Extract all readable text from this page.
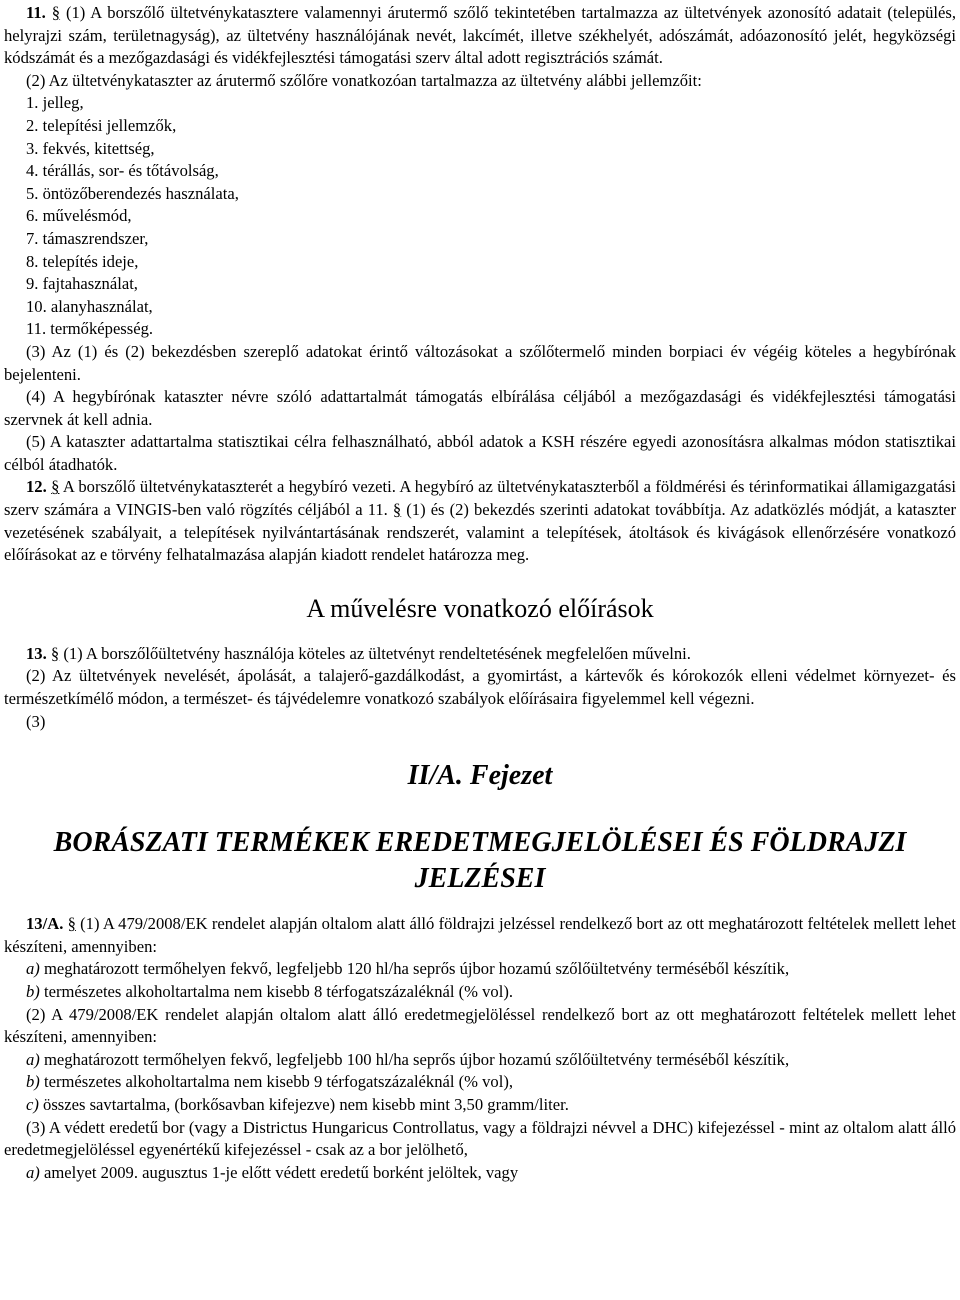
11. § (1) A borszőlő ültetvénykatasztere valamennyi árutermő szőlő tekintetében tartalmazza az ültetvények azonosító adatait (település, helyrajzi szám, területnagyság), az ültetvény használójának nevét, lakcímét, illetve székhelyét, adószámát, adóazonosító jelét, hegyközségi kódszámát és a mezőgazdasági és vidékfejlesztési támogatási szerv által adott regisztrációs számát.

(2) Az ültetvénykataszter az árutermő szőlőre vonatkozóan tartalmazza az ültetvény alábbi jellemzőit:

1. jelleg,

2. telepítési jellemzők,

3. fekvés, kitettség,

4. térállás, sor- és tőtávolság,

5. öntözőberendezés használata,

6. művelésmód,

7. támaszrendszer,

8. telepítés ideje,

9. fajtahasználat,

10. alanyhasználat,

11. termőképesség.

(3) Az (1) és (2) bekezdésben szereplő adatokat érintő változásokat a szőlőtermelő minden borpiaci év végéig köteles a hegybírónak bejelenteni.

(4) A hegybírónak kataszter névre szóló adattartalmát támogatás elbírálása céljából a mezőgazdasági és vidékfejlesztési támogatási szervnek át kell adnia.

(5) A kataszter adattartalma statisztikai célra felhasználható, abból adatok a KSH részére egyedi azonosításra alkalmas módon statisztikai célból átadhatók.

12. § A borszőlő ültetvénykataszterét a hegybíró vezeti. A hegybíró az ültetvénykataszterből a földmérési és térinformatikai államigazgatási szerv számára a VINGIS-ben való rögzítés céljából a 11. § (1) és (2) bekezdés szerinti adatokat továbbítja. Az adatközlés módját, a kataszter vezetésének szabályait, a telepítések nyilvántartásának rendszerét, valamint a telepítések, átoltások és kivágások ellenőrzésére vonatkozó előírásokat az e törvény felhatalmazása alapján kiadott rendelet határozza meg.

A művelésre vonatkozó előírások

13. § (1) A borszőlőültetvény használója köteles az ültetvényt rendeltetésének megfelelően művelni.

(2) Az ültetvények nevelését, ápolását, a talajerő-gazdálkodást, a gyomirtást, a kártevők és kórokozók elleni védelmet környezet- és természetkímélő módon, a természet- és tájvédelemre vonatkozó szabályok előírásaira figyelemmel kell végezni.

(3)

II/A. Fejezet
BORÁSZATI TERMÉKEK EREDETMEGJELÖLÉSEI ÉS FÖLDRAJZI JELZÉSEI

13/A. § (1) A 479/2008/EK rendelet alapján oltalom alatt álló földrajzi jelzéssel rendelkező bort az ott meghatározott feltételek mellett lehet készíteni, amennyiben:

a) meghatározott termőhelyen fekvő, legfeljebb 120 hl/ha seprős újbor hozamú szőlőültetvény terméséből készítik,

b) természetes alkoholtartalma nem kisebb 8 térfogatszázaléknál (% vol).

(2) A 479/2008/EK rendelet alapján oltalom alatt álló eredetmegjelöléssel rendelkező bort az ott meghatározott feltételek mellett lehet készíteni, amennyiben:

a) meghatározott termőhelyen fekvő, legfeljebb 100 hl/ha seprős újbor hozamú szőlőültetvény terméséből készítik,

b) természetes alkoholtartalma nem kisebb 9 térfogatszázaléknál (% vol),

c) összes savtartalma, (borkősavban kifejezve) nem kisebb mint 3,50 gramm/liter.

(3) A védett eredetű bor (vagy a Districtus Hungaricus Controllatus, vagy a földrajzi névvel a DHC) kifejezéssel - mint az oltalom alatt álló eredetmegjelöléssel egyenértékű kifejezéssel - csak az a bor jelölhető,

a) amelyet 2009. augusztus 1-je előtt védett eredetű borként jelöltek, vagy
